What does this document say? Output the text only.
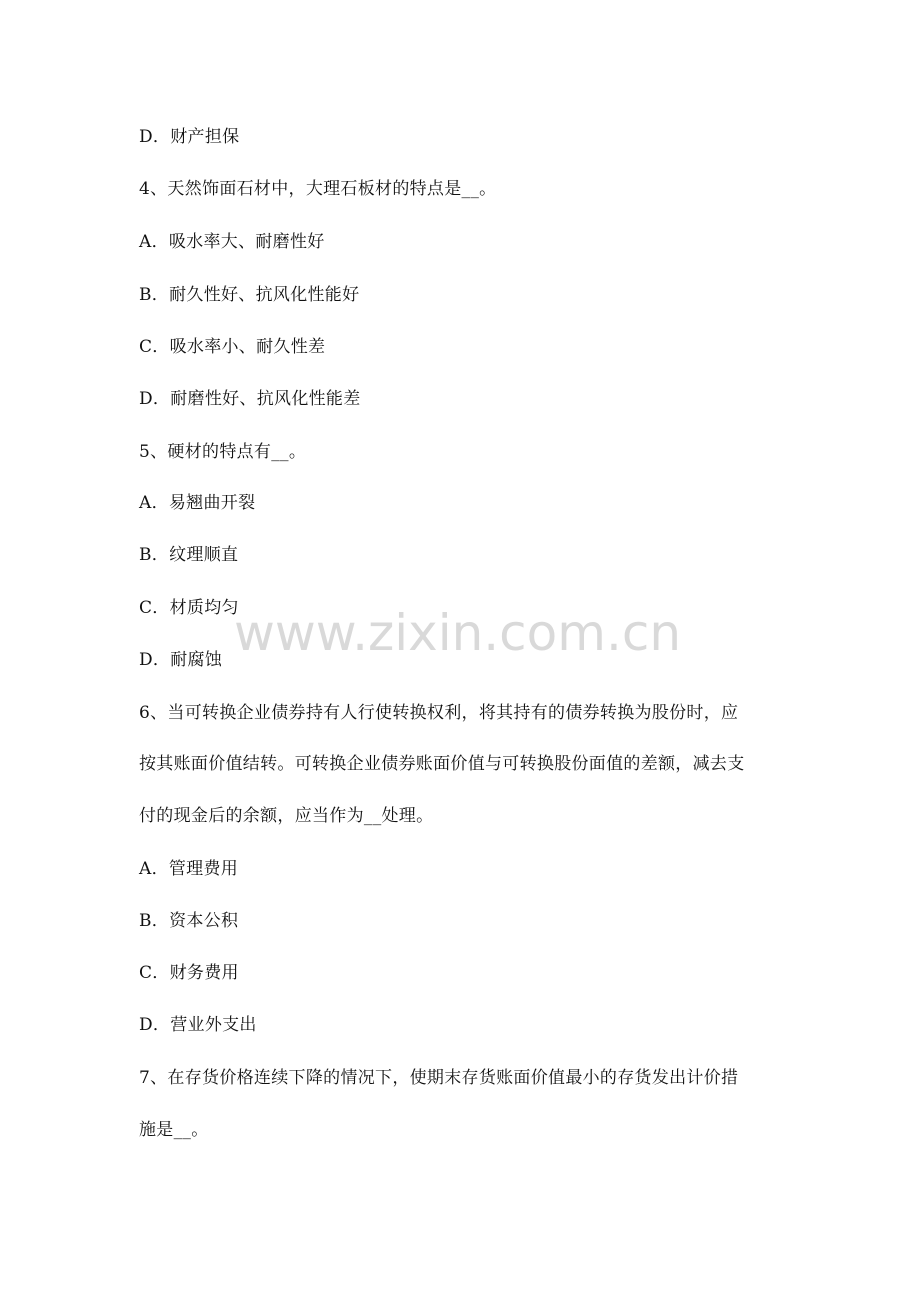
www.zixin.com.cn
D．财产担保
4、天然饰面石材中，大理石板材的特点是__。
A．吸水率大、耐磨性好
B．耐久性好、抗风化性能好
C．吸水率小、耐久性差
D．耐磨性好、抗风化性能差
5、硬材的特点有__。
A．易翘曲开裂
B．纹理顺直
C．材质均匀
D．耐腐蚀
6、当可转换企业债券持有人行使转换权利，将其持有的债券转换为股份时，应
按其账面价值结转。可转换企业债券账面价值与可转换股份面值的差额，减去支
付的现金后的余额，应当作为__处理。
A．管理费用
B．资本公积
C．财务费用
D．营业外支出
7、在存货价格连续下降的情况下，使期末存货账面价值最小的存货发出计价措
施是__。
